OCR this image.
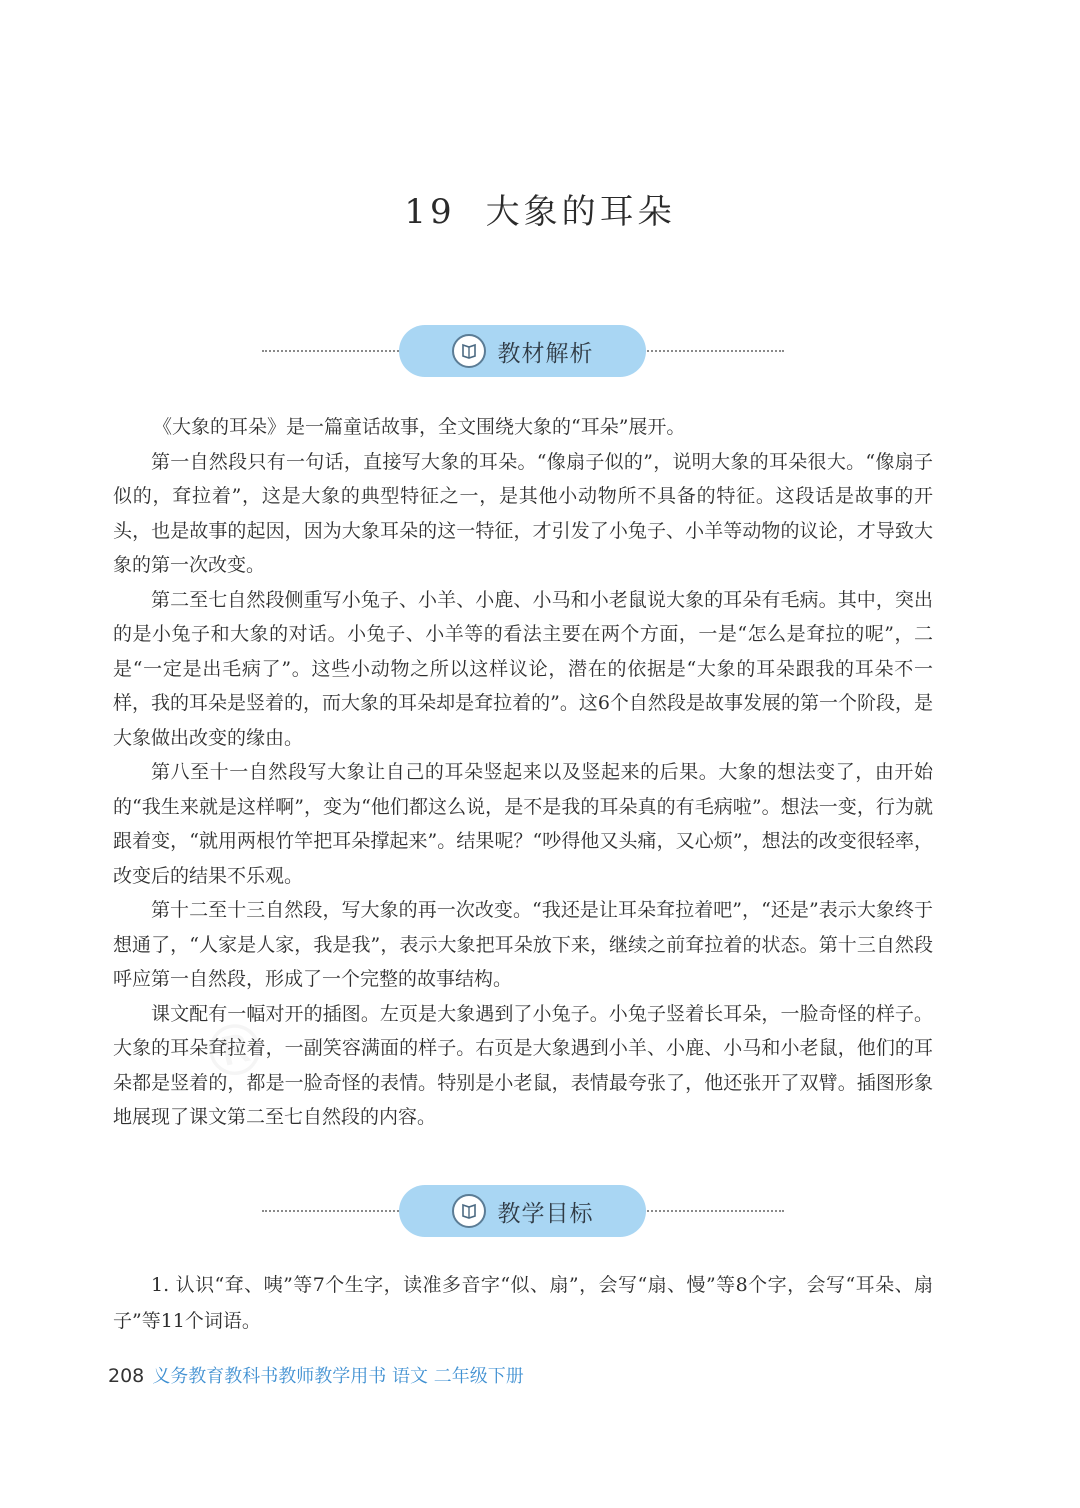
®
19 大象的耳朵
教材解析

《大象的耳朵》是一篇童话故事，全文围绕大象的“耳朵”展开。

第一自然段只有一句话，直接写大象的耳朵。“像扇子似的”，说明大象的耳朵很大。“像扇子似的，耷拉着”，这是大象的典型特征之一，是其他小动物所不具备的特征。这段话是故事的开头，也是故事的起因，因为大象耳朵的这一特征，才引发了小兔子、小羊等动物的议论，才导致大象的第一次改变。

第二至七自然段侧重写小兔子、小羊、小鹿、小马和小老鼠说大象的耳朵有毛病。其中，突出的是小兔子和大象的对话。小兔子、小羊等的看法主要在两个方面，一是“怎么是耷拉的呢”，二是“一定是出毛病了”。这些小动物之所以这样议论，潜在的依据是“大象的耳朵跟我的耳朵不一样，我的耳朵是竖着的，而大象的耳朵却是耷拉着的”。这6个自然段是故事发展的第一个阶段，是大象做出改变的缘由。

第八至十一自然段写大象让自己的耳朵竖起来以及竖起来的后果。大象的想法变了，由开始的“我生来就是这样啊”，变为“他们都这么说，是不是我的耳朵真的有毛病啦”。想法一变，行为就跟着变，“就用两根竹竿把耳朵撑起来”。结果呢？“吵得他又头痛，又心烦”，想法的改变很轻率，改变后的结果不乐观。

第十二至十三自然段，写大象的再一次改变。“我还是让耳朵耷拉着吧”，“还是”表示大象终于想通了，“人家是人家，我是我”，表示大象把耳朵放下来，继续之前耷拉着的状态。第十三自然段呼应第一自然段，形成了一个完整的故事结构。

课文配有一幅对开的插图。左页是大象遇到了小兔子。小兔子竖着长耳朵，一脸奇怪的样子。大象的耳朵耷拉着，一副笑容满面的样子。右页是大象遇到小羊、小鹿、小马和小老鼠，他们的耳朵都是竖着的，都是一脸奇怪的表情。特别是小老鼠，表情最夸张了，他还张开了双臂。插图形象地展现了课文第二至七自然段的内容。

教学目标

1. 认识“耷、咦”等7个生字，读准多音字“似、扇”，会写“扇、慢”等8个字，会写“耳朵、扇子”等11个词语。

208 义务教育教科书教师教学用书 语文 二年级下册
